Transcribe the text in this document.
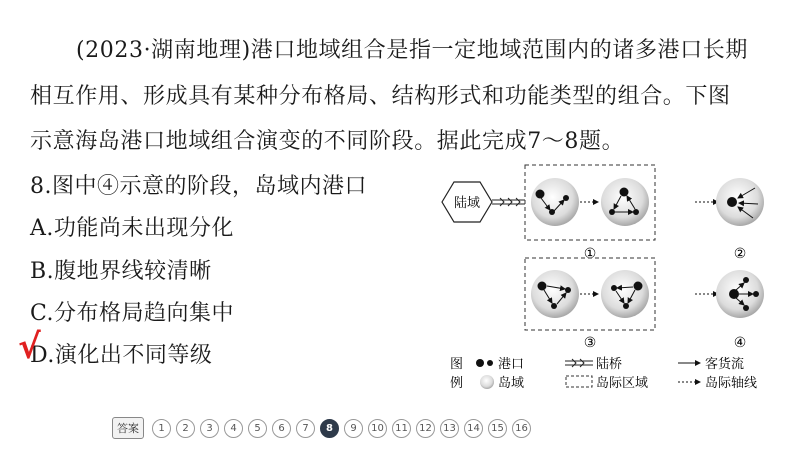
(2023·湖南地理)港口地域组合是指一定地域范围内的诸多港口长期
相互作用、形成具有某种分布格局、结构形式和功能类型的组合。下图
示意海岛港口地域组合演变的不同阶段。据此完成7～8题。
8.图中④示意的阶段，岛域内港口
A.功能尚未出现分化
B.腹地界线较清晰
C.分布格局趋向集中
D.演化出不同等级
√
陆域
①	②
③	④
图
例
港口	陆桥	客货流
岛域	岛际区域	岛际轴线
答案	1	2	3	4	5	6	7	8	9	10	11	12	13	14	15	16
